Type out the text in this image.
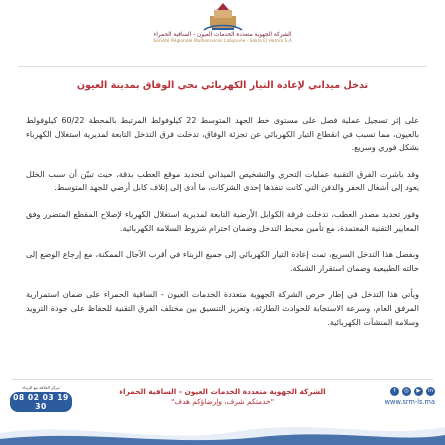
الشركة الجهوية متعددة الخدمات العيون - الساقية الحمراء
Société Régionale Multiservices Laâyoune - Sakia El Hamra S.A
تدخل ميداني لإعادة التيار الكهربائي بحي الوفاق بمدينة العيون

على إثر تسجيل عملية فصل على مستوى خط الجهد المتوسط 22 كيلوفولط المرتبط بالمحطة 60/22 كيلوفولط بالعيون، مما تسبب في انقطاع التيار الكهربائي عن تجزئة الوفاق، تدخلت فرق التدخل التابعة لمديرية استغلال الكهرباء بشكل فوري وسريع.

وقد باشرت الفرق التقنية عمليات التحري والتشخيص الميداني لتحديد موقع العطب بدقة، حيث تبيّن أن سبب الخلل يعود إلى أشغال الحفر والدفن التي كانت تنفذها إحدى الشركات، ما أدى إلى إتلاف كابل أرضي للجهد المتوسط.

وفور تحديد مصدر العطب، تدخلت فرقة الكوابل الأرضية التابعة لمديرية استغلال الكهرباء لإصلاح المقطع المتضرر وفق المعايير التقنية المعتمدة، مع تأمين محيط التدخل وضمان احترام شروط السلامة الكهربائية.

وبفضل هذا التدخل السريع، تمت إعادة التيار الكهربائي إلى جميع الزبناء في أقرب الآجال الممكنة، مع إرجاع الوضع إلى حالته الطبيعية وضمان استقرار الشبكة.

ويأتي هذا التدخل في إطار حرص الشركة الجهوية متعددة الخدمات العيون - الساقية الحمراء على ضمان استمرارية المرفق العام، وسرعة الاستجابة للحوادث الطارئة، وتعزيز التنسيق بين مختلف الفرق التقنية للحفاظ على جودة التزويد وسلامة المنشآت الكهربائية.

مركز العلاقة مع الزبناء
08 02 03 19 30
الشركة الجهوية متعددة الخدمات العيون - الساقية الحمراء
"خدمتكم شرف، وإرضاؤكم هدف"
f	◎	▶	in
www.srm-ls.ma
